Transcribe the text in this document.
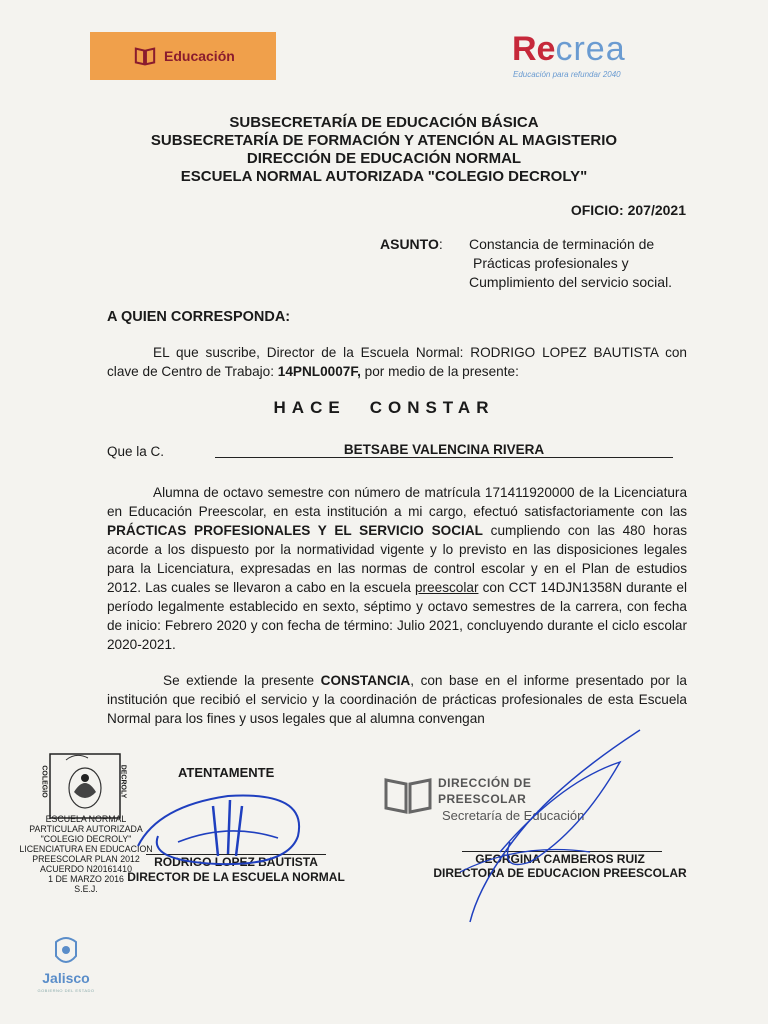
Educación	Recrea
Educación para refundar 2040
SUBSECRETARÍA DE EDUCACIÓN BÁSICA
SUBSECRETARÍA DE FORMACIÓN Y ATENCIÓN AL MAGISTERIO
DIRECCIÓN DE EDUCACIÓN NORMAL
ESCUELA NORMAL AUTORIZADA "COLEGIO DECROLY"
OFICIO: 207/2021
ASUNTO: Constancia de terminación de
Prácticas profesionales y
Cumplimiento del servicio social.
A QUIEN CORRESPONDA:
EL que suscribe, Director de la Escuela Normal: RODRIGO LOPEZ BAUTISTA con clave de Centro de Trabajo: 14PNL0007F, por medio de la presente:
HACE CONSTAR
Que la C.	BETSABE VALENCINA RIVERA
Alumna de octavo semestre con número de matrícula 171411920000 de la Licenciatura en Educación Preescolar, en esta institución a mi cargo, efectuó satisfactoriamente con las PRÁCTICAS PROFESIONALES Y EL SERVICIO SOCIAL cumpliendo con las 480 horas acorde a los dispuesto por la normatividad vigente y lo previsto en las disposiciones legales para la Licenciatura, expresadas en las normas de control escolar y en el Plan de estudios 2012. Las cuales se llevaron a cabo en la escuela preescolar con CCT 14DJN1358N durante el período legalmente establecido en sexto, séptimo y octavo semestres de la carrera, con fecha de inicio: Febrero 2020 y con fecha de término: Julio 2021, concluyendo durante el ciclo escolar 2020-2021.
Se extiende la presente CONSTANCIA, con base en el informe presentado por la institución que recibió el servicio y la coordinación de prácticas profesionales de esta Escuela Normal para los fines y usos legales que al alumna convengan
ATENTAMENTE
COLEGIO	DECROLY
ESCUELA NORMAL
PARTICULAR AUTORIZADA
"COLEGIO DECROLY"
LICENCIATURA EN EDUCACION
PREESCOLAR PLAN 2012
ACUERDO N20161410
1 DE MARZO 2016
S.E.J.
RODRIGO LOPEZ BAUTISTA
DIRECTOR DE LA ESCUELA NORMAL
DIRECCIÓN DE
PREESCOLAR
Secretaría de Educación
GEORGINA CAMBEROS RUIZ
DIRECTORA DE EDUCACION PREESCOLAR
Jalisco
GOBIERNO DEL ESTADO
